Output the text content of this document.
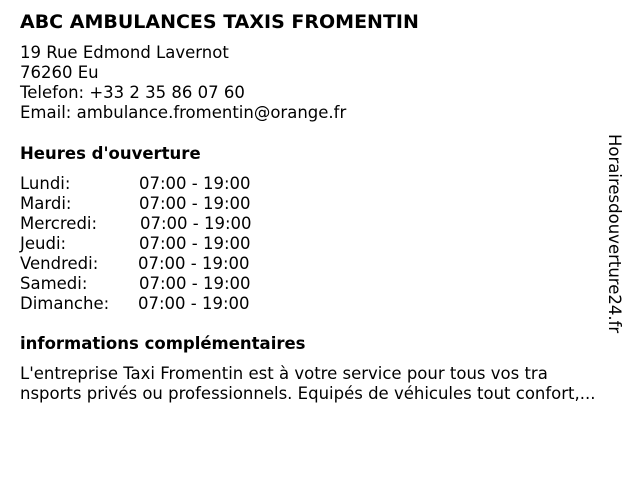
ABC AMBULANCES TAXIS FROMENTIN
19 Rue Edmond Lavernot
76260 Eu
Telefon: +33 2 35 86 07 60
Email: ambulance.fromentin@orange.fr
Heures d'ouverture
Lundi:	07:00 - 19:00
Mardi:	07:00 - 19:00
Mercredi:	07:00 - 19:00
Jeudi:	07:00 - 19:00
Vendredi: 07:00 - 19:00
Samedi:	07:00 - 19:00
Dimanche: 07:00 - 19:00
informations complémentaires
L'entreprise Taxi Fromentin est à votre service pour tous vos tra
nsports privés ou professionnels. Equipés de véhicules tout confort,...
Horairesdouverture24.fr
